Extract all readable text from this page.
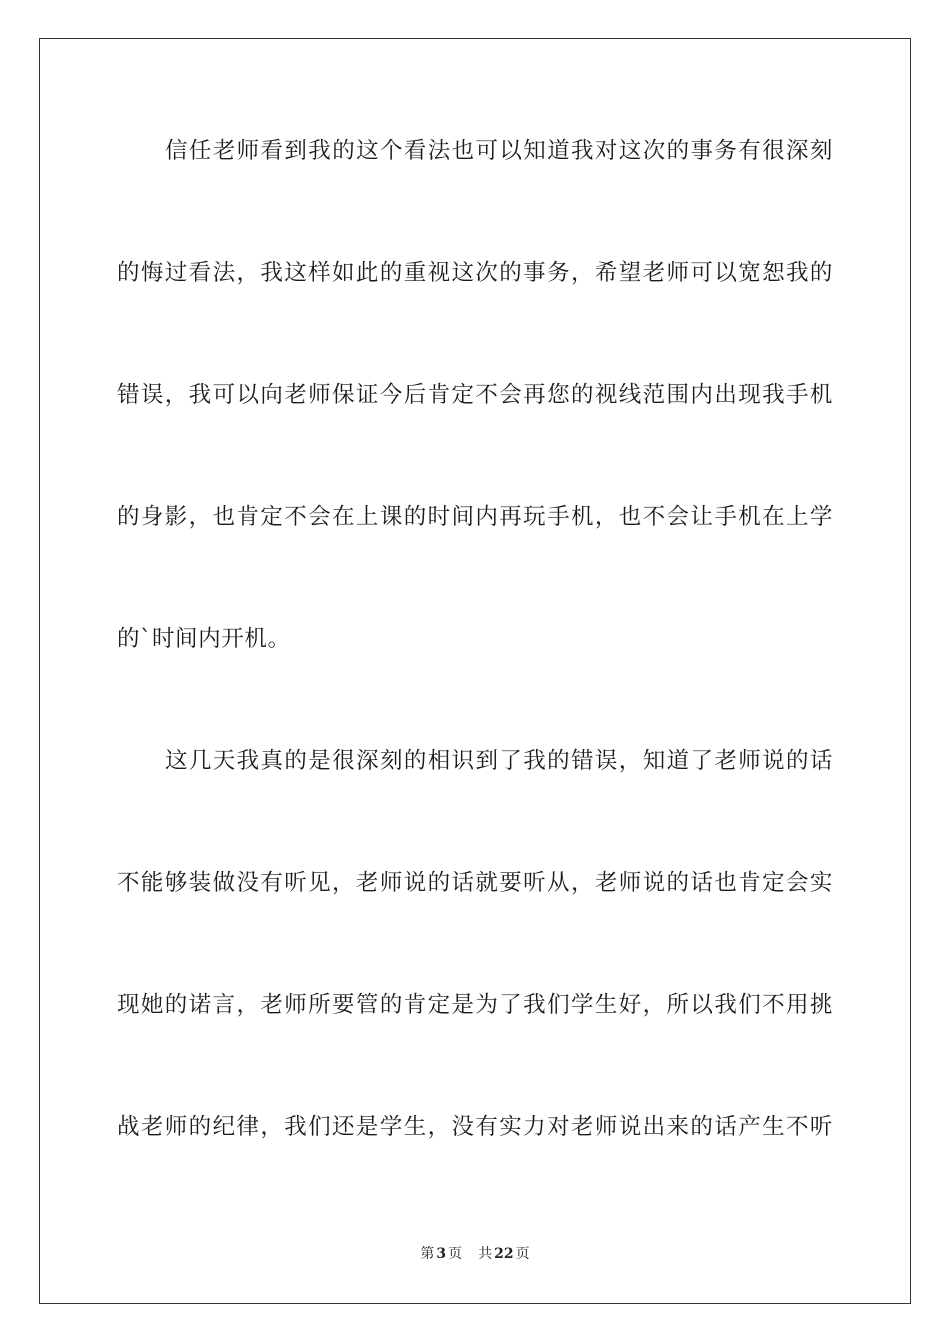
信任老师看到我的这个看法也可以知道我对这次的事务有很深刻
的悔过看法，我这样如此的重视这次的事务，希望老师可以宽恕我的
错误，我可以向老师保证今后肯定不会再您的视线范围内出现我手机
的身影，也肯定不会在上课的时间内再玩手机，也不会让手机在上学
的`时间内开机。
这几天我真的是很深刻的相识到了我的错误，知道了老师说的话
不能够装做没有听见，老师说的话就要听从，老师说的话也肯定会实
现她的诺言，老师所要管的肯定是为了我们学生好，所以我们不用挑
战老师的纪律，我们还是学生，没有实力对老师说出来的话产生不听
第 3 页 共 22 页
